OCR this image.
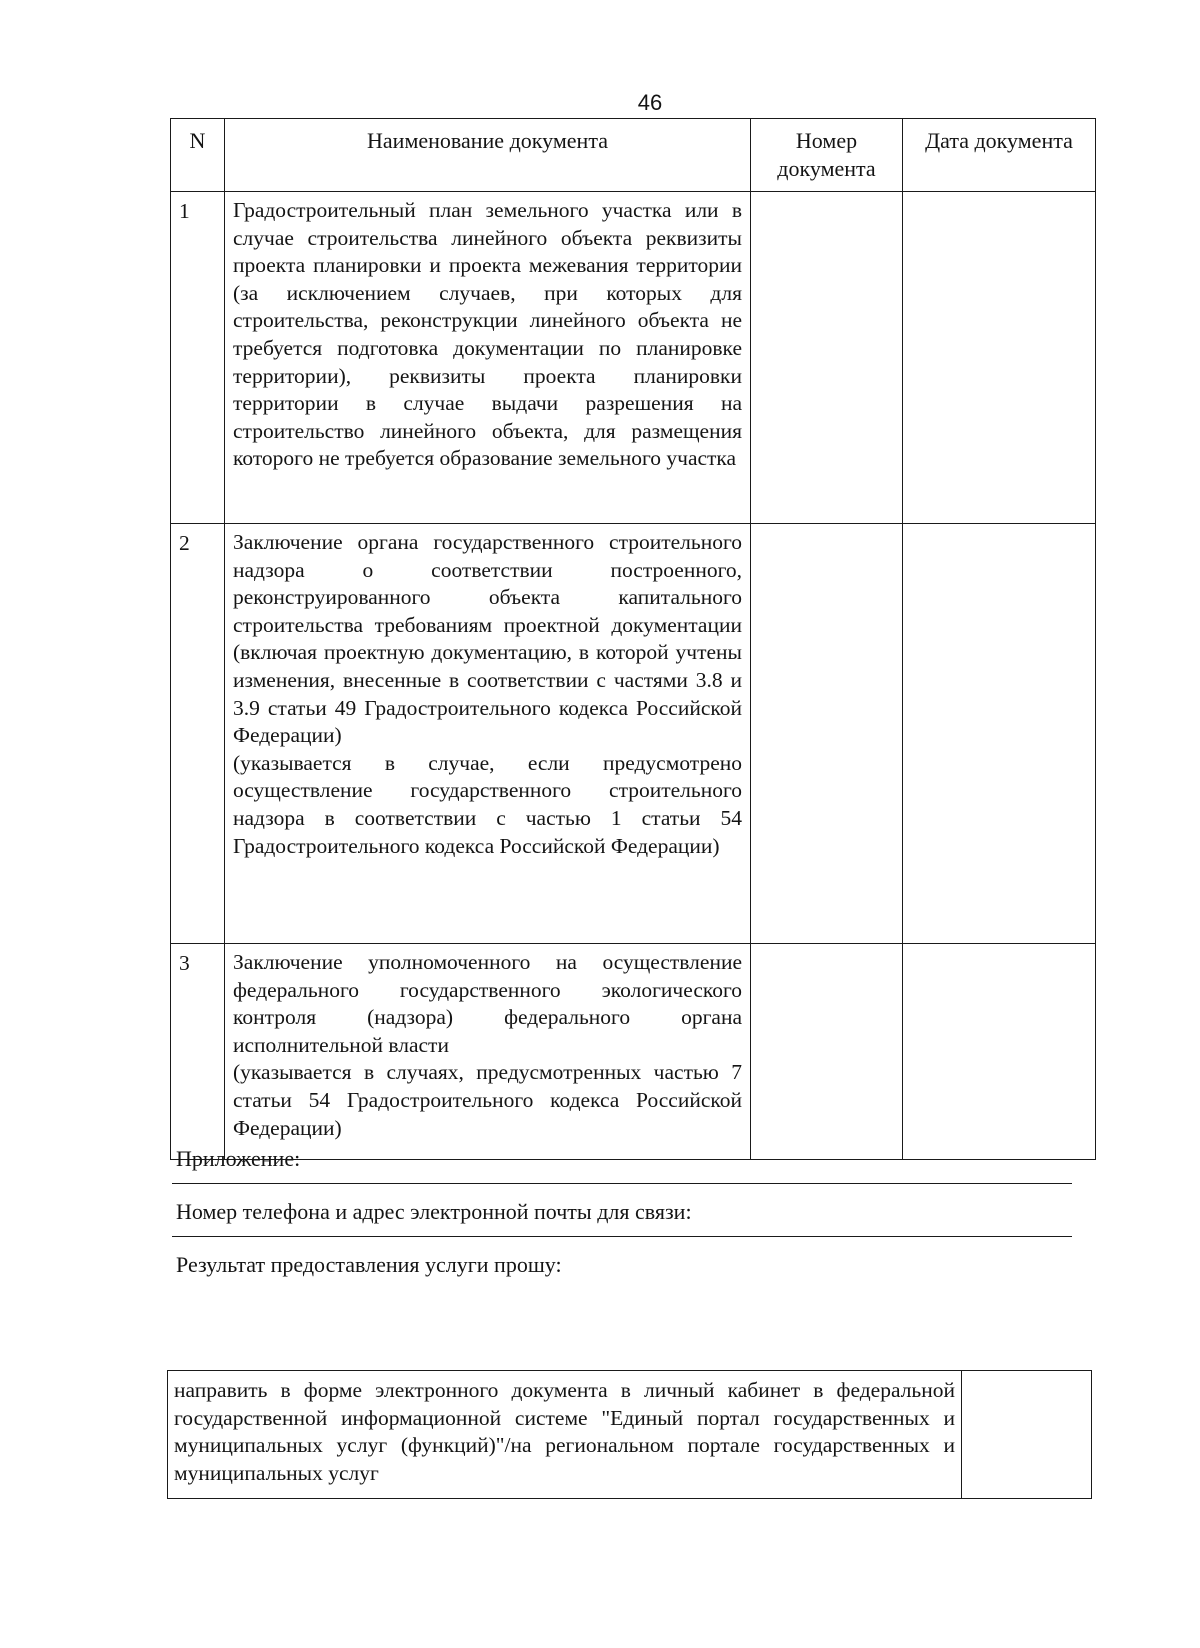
46
N	Наименование документа	Номер документа	Дата документа
1	Градостроительный план земельного участка или в случае строительства линейного объекта реквизиты проекта планировки и проекта межевания территории (за исключением случаев, при которых для строительства, реконструкции линейного объекта не требуется подготовка документации по планировке территории), реквизиты проекта планировки территории в случае выдачи разрешения на строительство линейного объекта, для размещения которого не требуется образование земельного участка		

2	Заключение органа государственного строительного надзора о соответствии построенного, реконструированного объекта капитального строительства требованиям проектной документации (включая проектную документацию, в которой учтены изменения, внесенные в соответствии с частями 3.8 и 3.9 статьи 49 Градостроительного кодекса Российской Федерации)
(указывается в случае, если предусмотрено осуществление государственного строительного надзора в соответствии с частью 1 статьи 54 Градостроительного кодекса Российской Федерации)		

3	Заключение уполномоченного на осуществление федерального государственного экологического контроля (надзора) федерального органа исполнительной власти
(указывается в случаях, предусмотренных частью 7 статьи 54 Градостроительного кодекса Российской Федерации)		

Приложение:
Номер телефона и адрес электронной почты для связи:
Результат предоставления услуги прошу:
направить в форме электронного документа в личный кабинет в федеральной государственной информационной системе "Единый портал государственных и муниципальных услуг (функций)"/на региональном портале государственных и муниципальных услуг	
